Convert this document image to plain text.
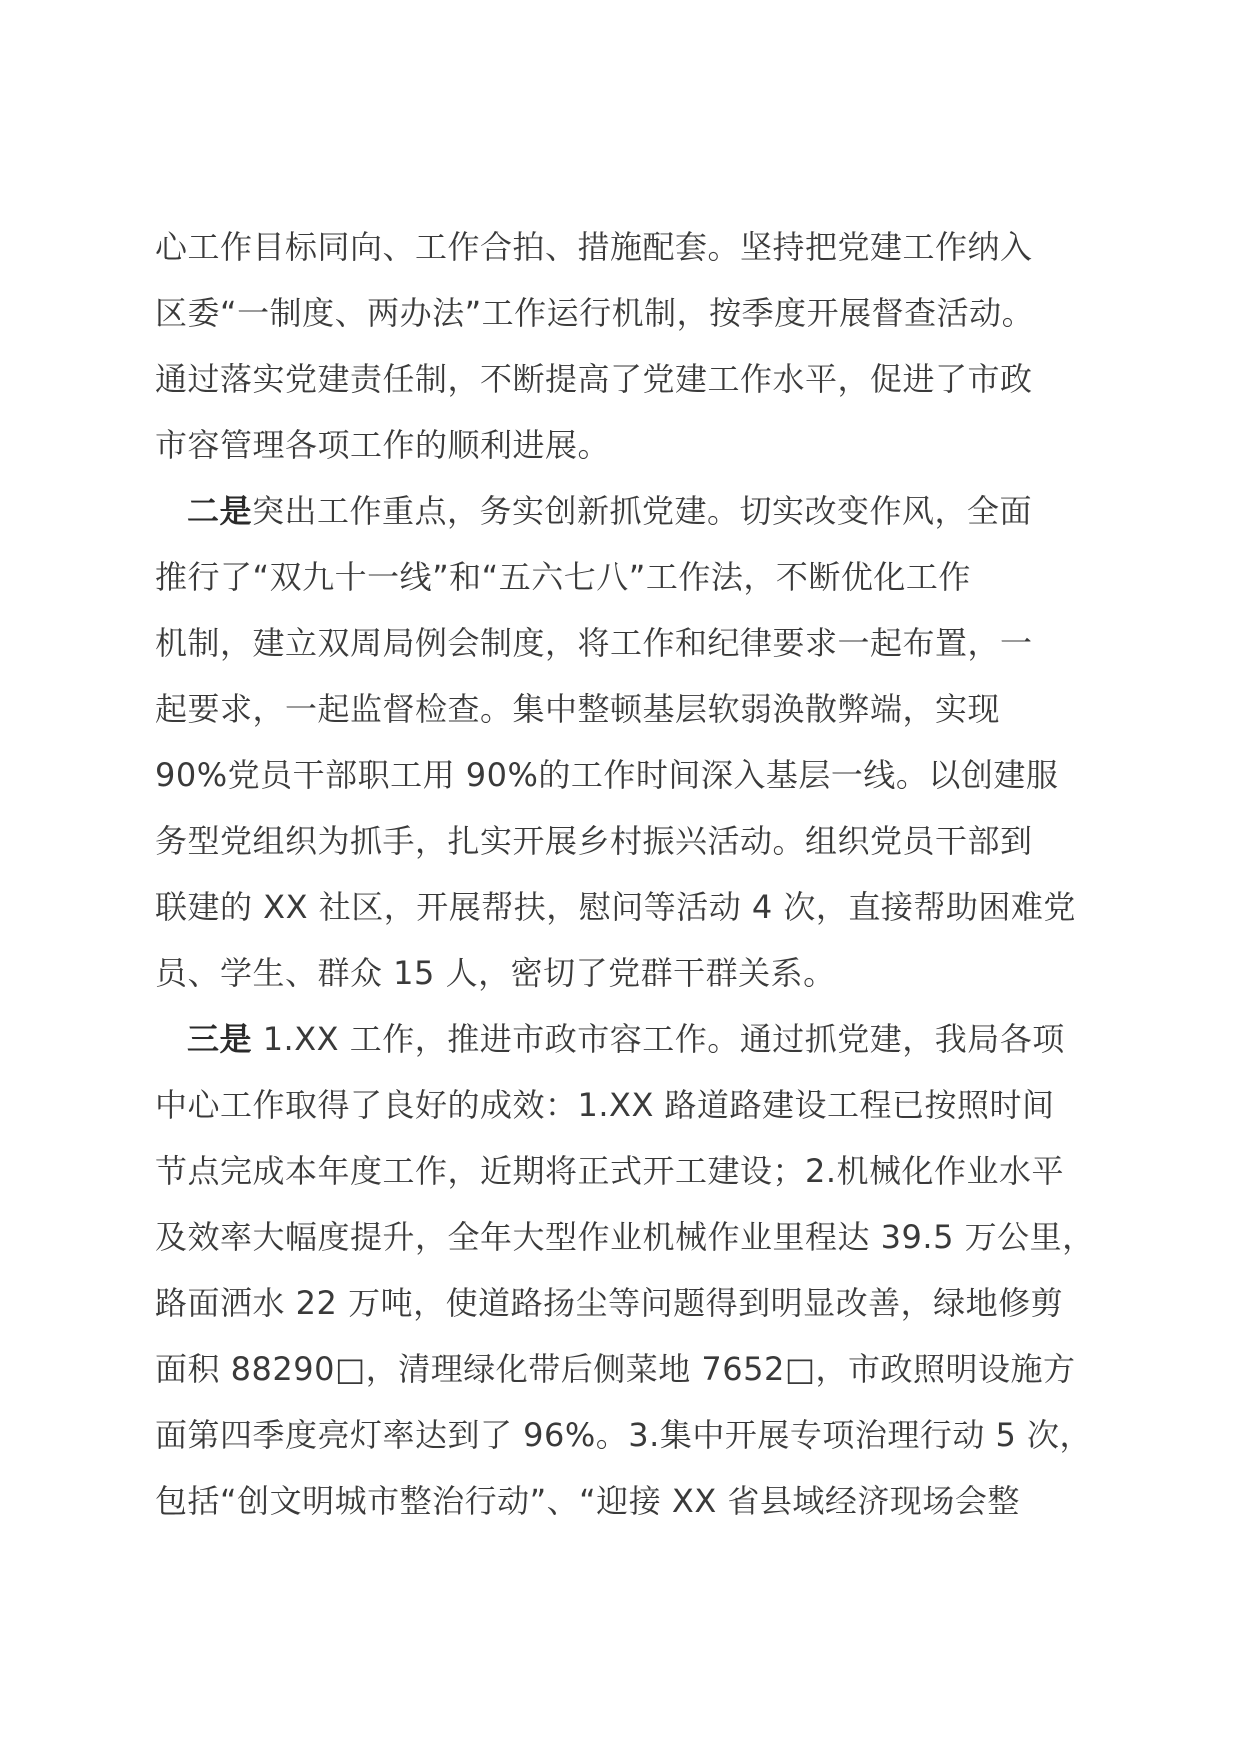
心工作目标同向、工作合拍、措施配套。坚持把党建工作纳入
区委“一制度、两办法”工作运行机制，按季度开展督查活动。
通过落实党建责任制，不断提高了党建工作水平，促进了市政
市容管理各项工作的顺利进展。
二是突出工作重点，务实创新抓党建。切实改变作风，全面
推行了“双九十一线”和“五六七八”工作法，不断优化工作
机制，建立双周局例会制度，将工作和纪律要求一起布置，一
起要求，一起监督检查。集中整顿基层软弱涣散弊端，实现
90%党员干部职工用 90%的工作时间深入基层一线。以创建服
务型党组织为抓手，扎实开展乡村振兴活动。组织党员干部到
联建的 XX 社区，开展帮扶，慰问等活动 4 次，直接帮助困难党
员、学生、群众 15 人，密切了党群干群关系。
三是 1.XX 工作，推进市政市容工作。通过抓党建，我局各项
中心工作取得了良好的成效：1.XX 路道路建设工程已按照时间
节点完成本年度工作，近期将正式开工建设；2.机械化作业水平
及效率大幅度提升，全年大型作业机械作业里程达 39.5 万公里，
路面洒水 22 万吨，使道路扬尘等问题得到明显改善，绿地修剪
面积 88290□，清理绿化带后侧菜地 7652□，市政照明设施方
面第四季度亮灯率达到了 96%。3.集中开展专项治理行动 5 次，
包括“创文明城市整治行动”、“迎接 XX 省县域经济现场会整
